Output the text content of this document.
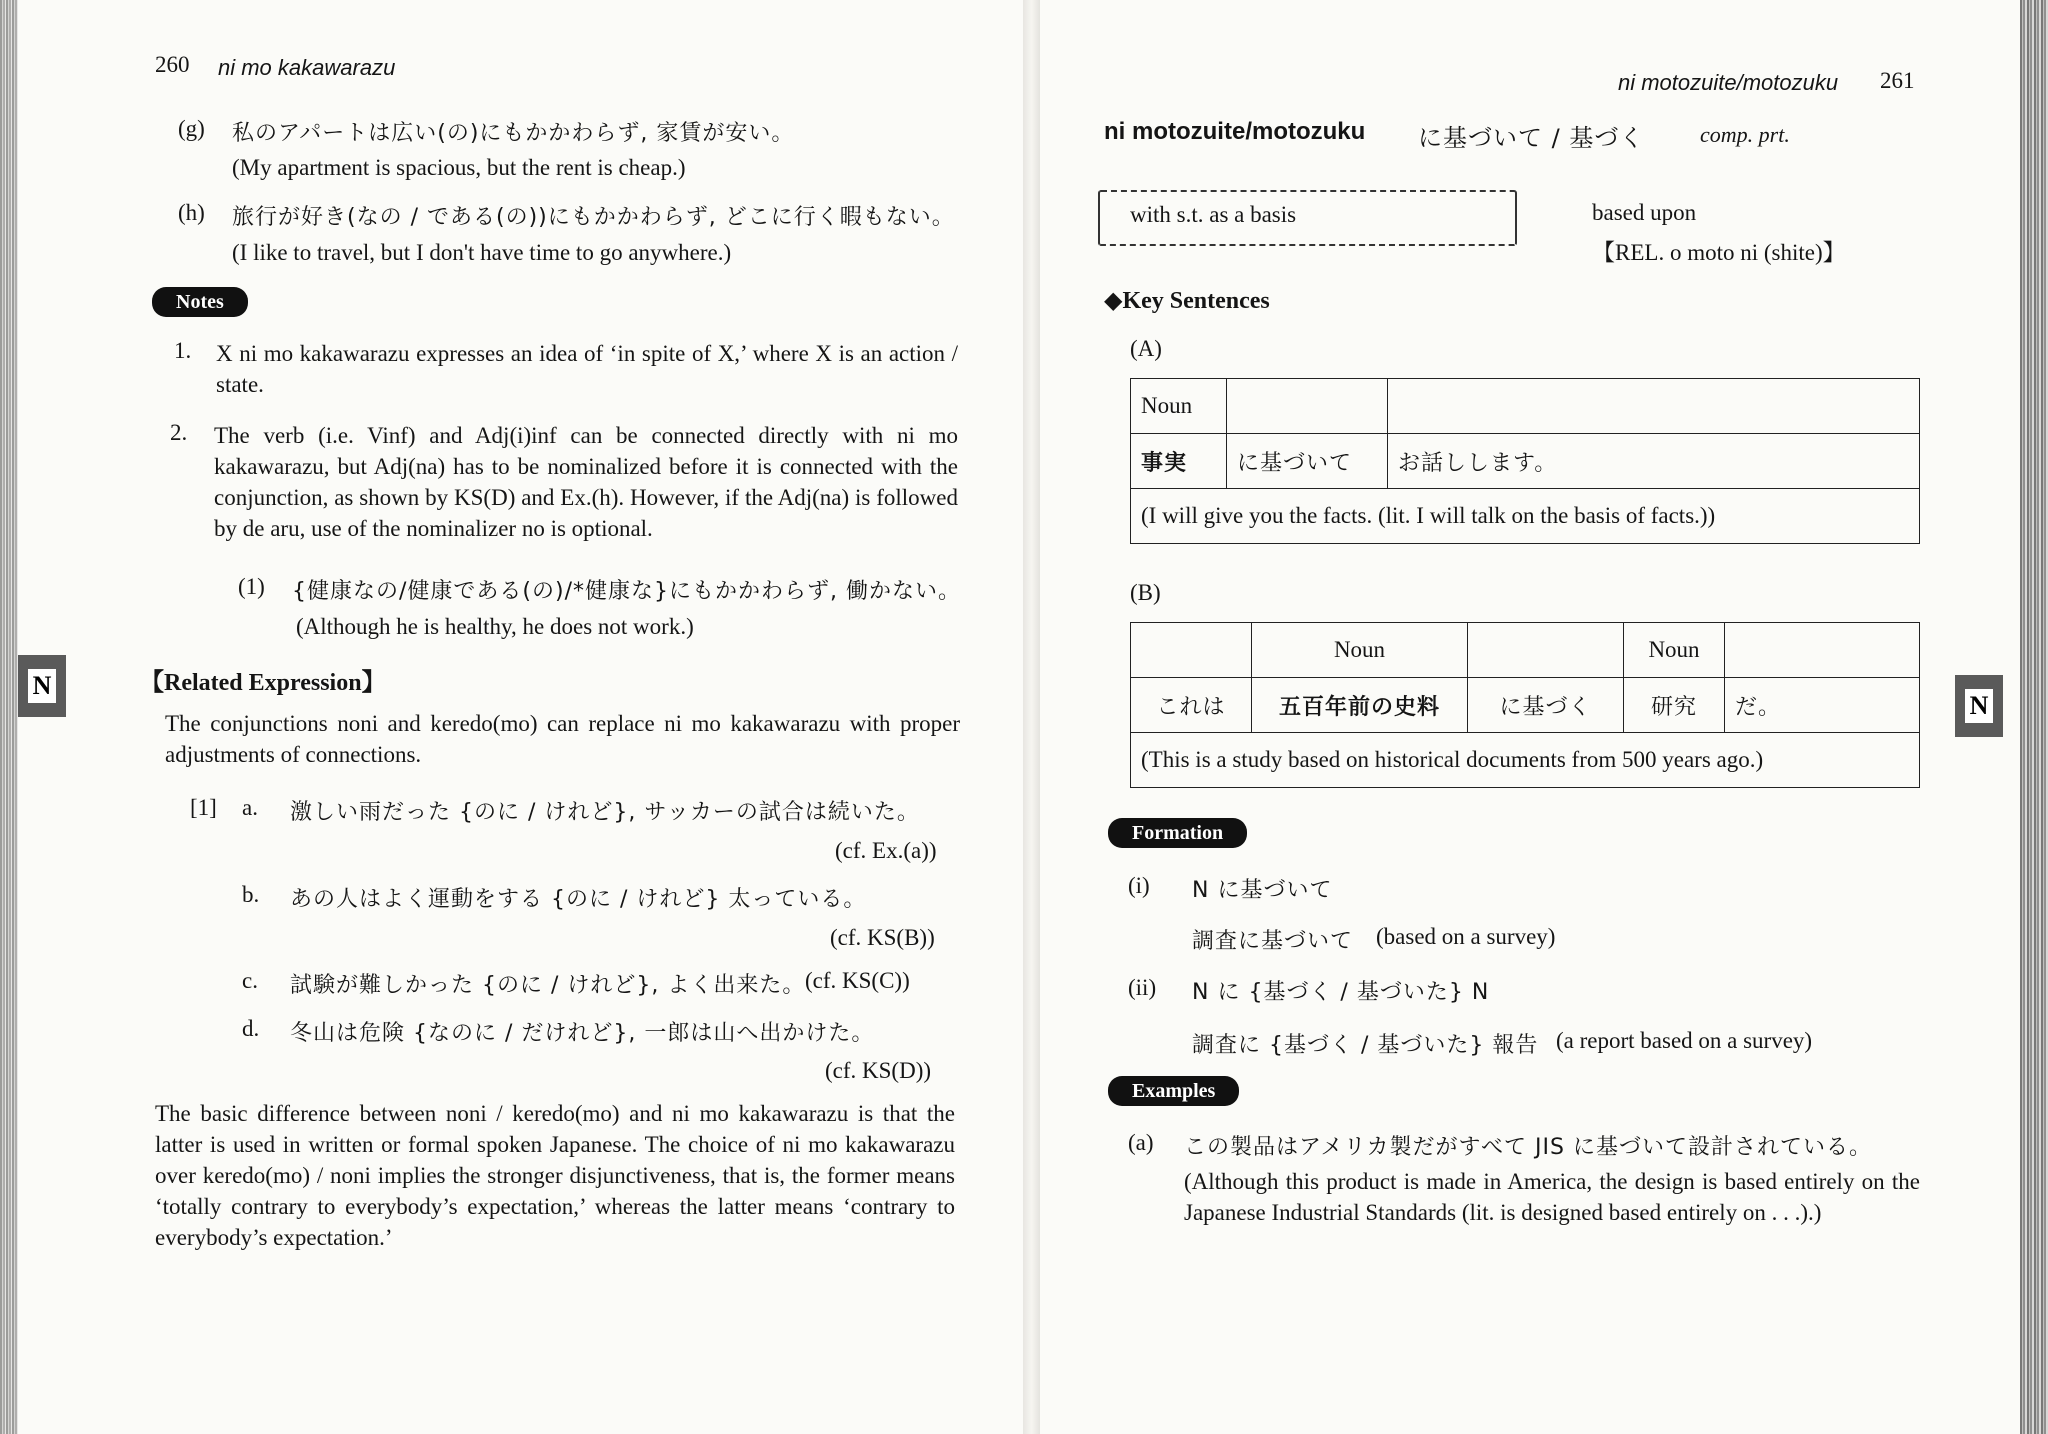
260 ni mo kakawarazu
(g) 私のアパートは広い(の)にもかかわらず, 家賃が安い。
(My apartment is spacious, but the rent is cheap.)
(h) 旅行が好き(なの / である(の))にもかかわらず, どこに行く暇もない。
(I like to travel, but I don't have time to go anywhere.)
Notes
1. X ni mo kakawarazu expresses an idea of ‘in spite of X,’ where X is an action / state.
2. The verb (i.e. Vinf) and Adj(i)inf can be connected directly with ni mo kakawarazu, but Adj(na) has to be nominalized before it is connected with the conjunction, as shown by KS(D) and Ex.(h). However, if the Adj(na) is followed by de aru, use of the nominalizer no is optional.
(1) {健康なの/健康である(の)/*健康な}にもかかわらず, 働かない。
(Although he is healthy, he does not work.)
【Related Expression】
The conjunctions noni and keredo(mo) can replace ni mo kakawarazu with proper adjustments of connections.
[1] a. 激しい雨だった {のに / けれど}, サッカーの試合は続いた。
(cf. Ex.(a))
b. あの人はよく運動をする {のに / けれど} 太っている。
(cf. KS(B))
c. 試験が難しかった {のに / けれど}, よく出来た。 (cf. KS(C))
d. 冬山は危険 {なのに / だけれど}, 一郎は山へ出かけた。
(cf. KS(D))
The basic difference between noni / keredo(mo) and ni mo kakawarazu is that the latter is used in written or formal spoken Japanese. The choice of ni mo kakawarazu over keredo(mo) / noni implies the stronger disjunctiveness, that is, the former means ‘totally contrary to everybody’s expectation,’ whereas the latter means ‘contrary to everybody’s expectation.’
N
ni motozuite/motozuku 261
ni motozuite/motozuku に基づいて / 基づく	comp. prt.
with s.t. as a basis	based upon
【REL. o moto ni (shite)】
◆Key Sentences
(A)
Noun		
事実	に基づいて	お話しします。
(I will give you the facts. (lit. I will talk on the basis of facts.))		
(B)
	Noun		Noun	
これは	五百年前の史料	に基づく	研究	だ。
(This is a study based on historical documents from 500 years ago.)				
Formation
(i) N に基づいて
調査に基づいて (based on a survey)
(ii) N に {基づく / 基づいた} N
調査に {基づく / 基づいた} 報告 (a report based on a survey)
Examples
(a) この製品はアメリカ製だがすべて JIS に基づいて設計されている。
(Although this product is made in America, the design is based entirely on the Japanese Industrial Standards (lit. is designed based entirely on . . .).)
N
